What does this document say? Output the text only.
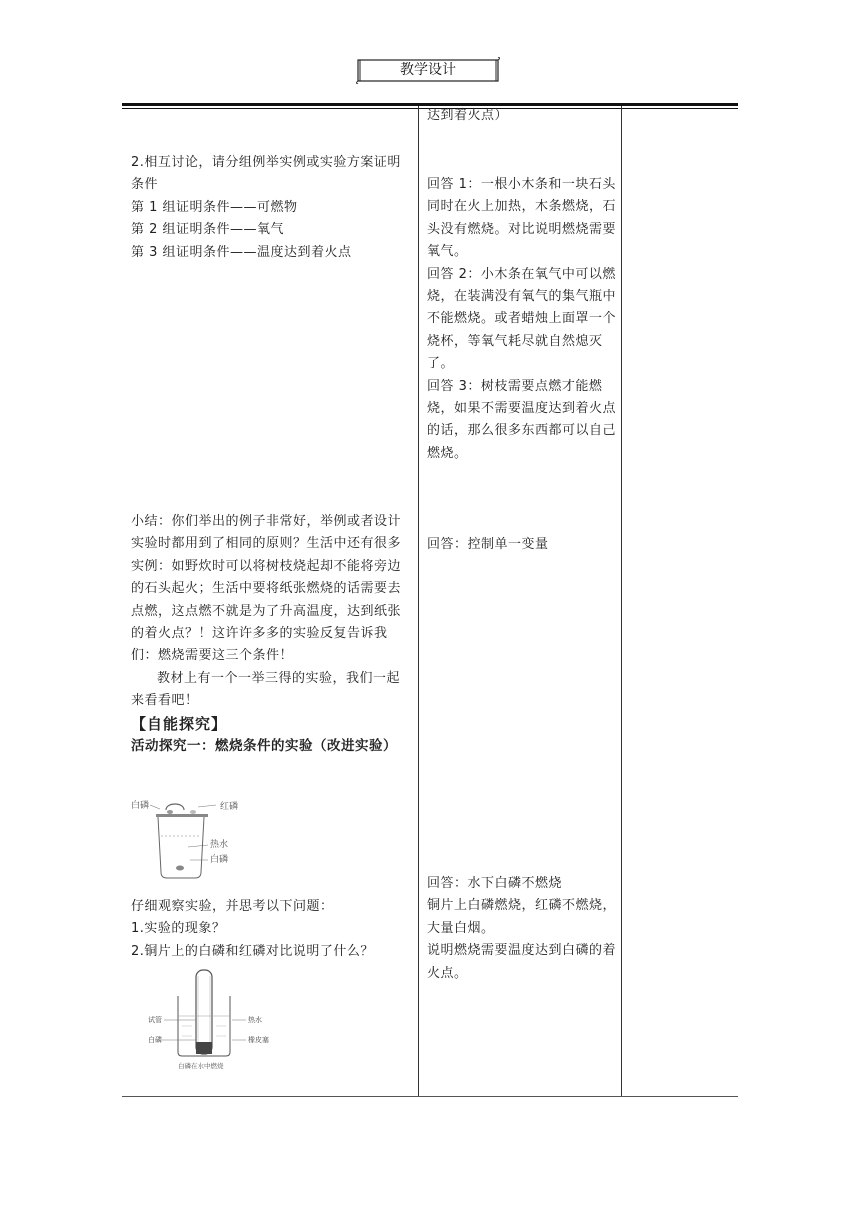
教学设计

2.相互讨论，请分组例举实例或实验方案证明条件

第 1 组证明条件——可燃物

第 2 组证明条件——氧气

第 3 组证明条件——温度达到着火点

小结：你们举出的例子非常好，举例或者设计实验时都用到了相同的原则？生活中还有很多实例：如野炊时可以将树枝烧起却不能将旁边的石头起火；生活中要将纸张燃烧的话需要去点燃，这点燃不就是为了升高温度，达到纸张的着火点？！这许许多多的实验反复告诉我们：燃烧需要这三个条件！

教材上有一个一举三得的实验，我们一起来看看吧！

【自能探究】

活动探究一：燃烧条件的实验（改进实验）

白磷	红磷
热水
白磷

仔细观察实验，并思考以下问题：

1.实验的现象？

2.铜片上的白磷和红磷对比说明了什么？

试管	热水
白磷	橡皮塞
白磷在水中燃烧

达到着火点）

回答 1：一根小木条和一块石头同时在火上加热，木条燃烧，石头没有燃烧。对比说明燃烧需要氧气。

回答 2：小木条在氧气中可以燃烧，在装满没有氧气的集气瓶中不能燃烧。或者蜡烛上面罩一个烧杯，等氧气耗尽就自然熄灭了。

回答 3：树枝需要点燃才能燃烧，如果不需要温度达到着火点的话，那么很多东西都可以自己燃烧。

回答：控制单一变量

回答：水下白磷不燃烧

铜片上白磷燃烧，红磷不燃烧，大量白烟。

说明燃烧需要温度达到白磷的着火点。
